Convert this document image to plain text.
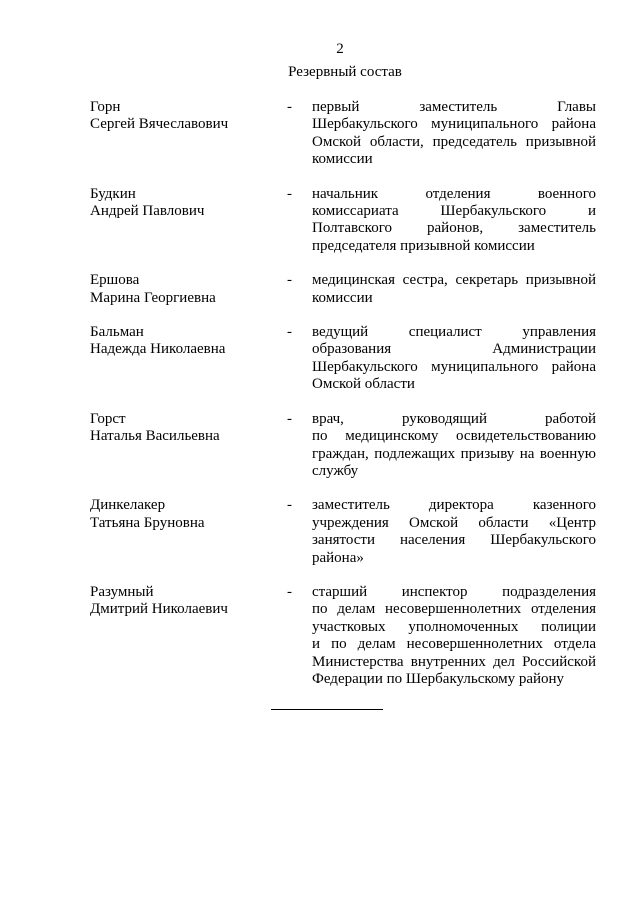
2
Резервный состав
Горн
Сергей Вячеславович
-	первый заместитель Главы
Шербакульского муниципального района
Омской области, председатель призывной
комиссии
Будкин
Андрей Павлович
-	начальник отделения военного
комиссариата Шербакульского и
Полтавского районов, заместитель
председателя призывной комиссии
Ершова
Марина Георгиевна
-	медицинская сестра, секретарь призывной
комиссии
Бальман
Надежда Николаевна
-	ведущий специалист управления
образования Администрации
Шербакульского муниципального района
Омской области
Горст
Наталья Васильевна
-	врач, руководящий работой
по медицинскому освидетельствованию
граждан, подлежащих призыву на военную
службу
Динкелакер
Татьяна Бруновна
-	заместитель директора казенного
учреждения Омской области «Центр
занятости населения Шербакульского
района»
Разумный
Дмитрий Николаевич
-	старший инспектор подразделения
по делам несовершеннолетних отделения
участковых уполномоченных полиции
и по делам несовершеннолетних отдела
Министерства внутренних дел Российской
Федерации по Шербакульскому району
